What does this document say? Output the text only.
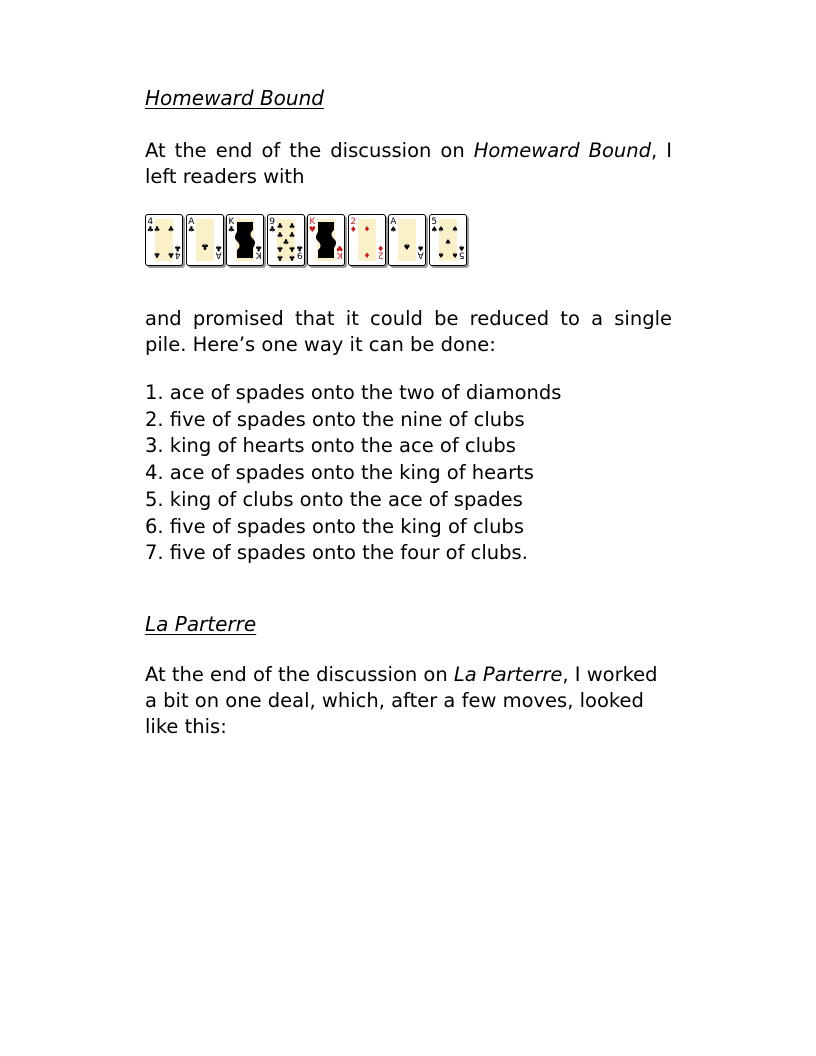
Homeward Bound

At the end of the discussion on Homeward Bound, I left readers with

4
♣
4
♣
♣ ♣
♣ ♣
A
♣
A
♣
♣
K
♣
K
♣
9
♣
9
♣
♣ ♣
♣ ♣
♣
♣ ♣
♣ ♣
K
♥
K
♥
2
♦
2
♦
♦
♦
A
♠
A
♠
♠
5
♠
5
♠
♠ ♠
♠
♠ ♠

and promised that it could be reduced to a single pile. Here’s one way it can be done:

1. ace of spades onto the two of diamonds
2. five of spades onto the nine of clubs
3. king of hearts onto the ace of clubs
4. ace of spades onto the king of hearts
5. king of clubs onto the ace of spades
6. five of spades onto the king of clubs
7. five of spades onto the four of clubs.
La Parterre

At the end of the discussion on La Parterre, I worked a bit on one deal, which, after a few moves, looked like this:
